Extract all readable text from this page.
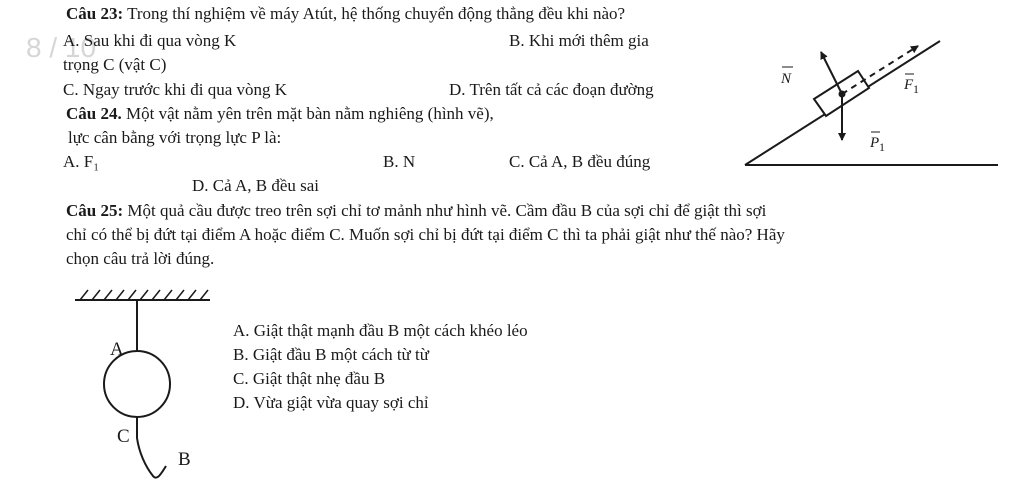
8 / 10
Câu 23: Trong thí nghiệm về máy Atút, hệ thống chuyển động thẳng đều khi nào?
A. Sau khi đi qua vòng K	B. Khi mới thêm gia
trọng C (vật C)
C. Ngay trước khi đi qua vòng K	D. Trên tất cả các đoạn đường
Câu 24. Một vật nằm yên trên mặt bàn nằm nghiêng (hình vẽ),
lực cân bằng với trọng lực P là:
A. F₁	B. N	C. Cả A, B đều đúng
D. Cả A, B đều sai
N	F 1
P 1
Câu 25: Một quả cầu được treo trên sợi chỉ tơ mảnh như hình vẽ. Cầm đầu B của sợi chỉ để giật thì sợi
chỉ có thể bị đứt tại điểm A hoặc điểm C. Muốn sợi chỉ bị đứt tại điểm C thì ta phải giật như thế nào? Hãy
chọn câu trả lời đúng.
A. Giật thật mạnh đầu B một cách khéo léo
B. Giật đầu B một cách từ từ
C. Giật thật nhẹ đầu B
D. Vừa giật vừa quay sợi chỉ
A
C
B
